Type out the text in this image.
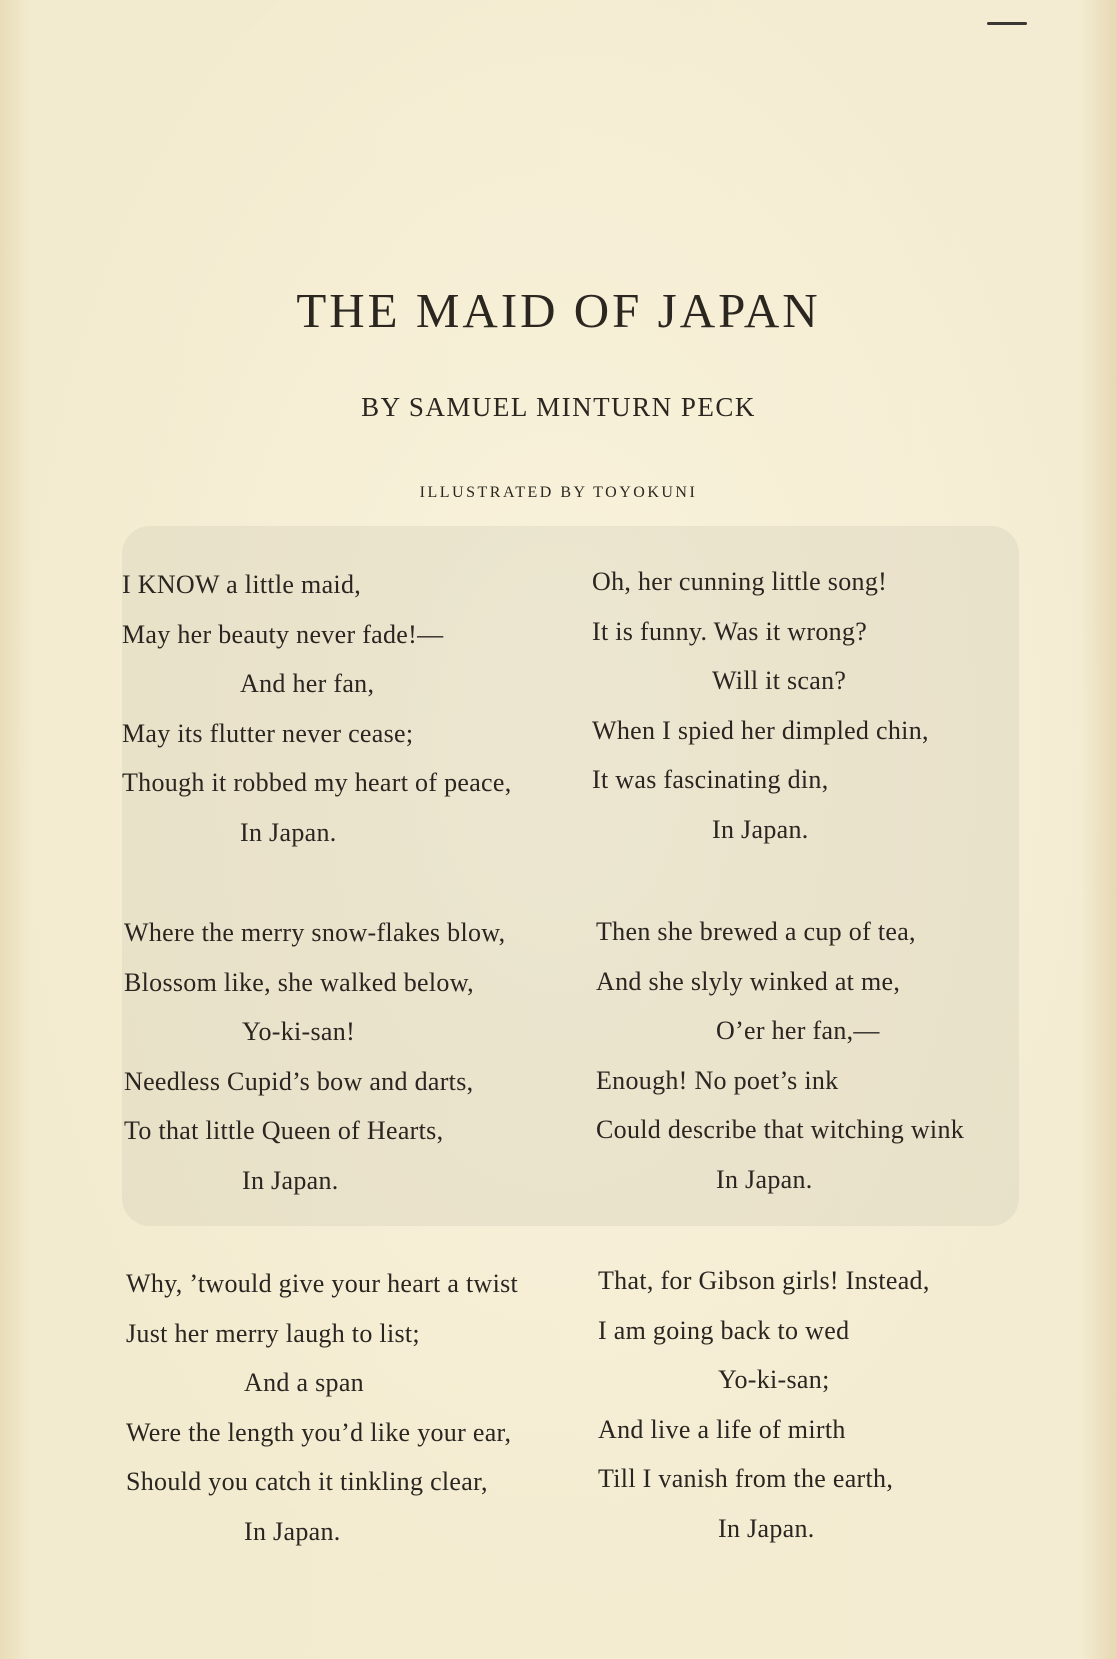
THE MAID OF JAPAN
BY SAMUEL MINTURN PECK
ILLUSTRATED BY TOYOKUNI
I KNOW a little maid,
May her beauty never fade!—
And her fan,
May its flutter never cease;
Though it robbed my heart of peace,
In Japan.
Where the merry snow-flakes blow,
Blossom like, she walked below,
Yo-ki-san!
Needless Cupid’s bow and darts,
To that little Queen of Hearts,
In Japan.
Why, ’twould give your heart a twist
Just her merry laugh to list;
And a span
Were the length you’d like your ear,
Should you catch it tinkling clear,
In Japan.
Oh, her cunning little song!
It is funny. Was it wrong?
Will it scan?
When I spied her dimpled chin,
It was fascinating din,
In Japan.
Then she brewed a cup of tea,
And she slyly winked at me,
O’er her fan,—
Enough! No poet’s ink
Could describe that witching wink
In Japan.
That, for Gibson girls! Instead,
I am going back to wed
Yo-ki-san;
And live a life of mirth
Till I vanish from the earth,
In Japan.
